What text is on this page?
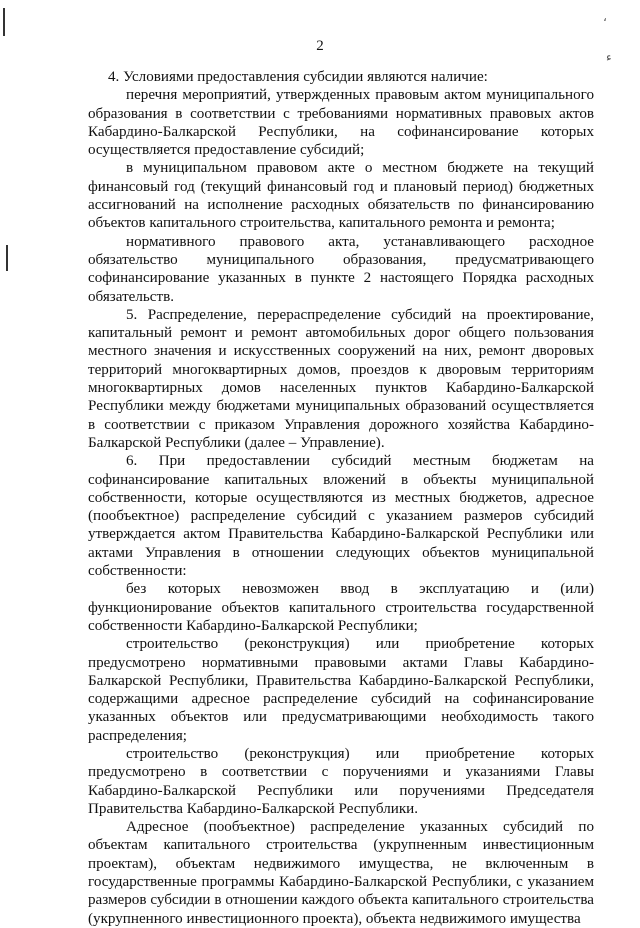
2

4. Условиями предоставления субсидии являются наличие:

перечня мероприятий, утвержденных правовым актом муниципального образования в соответствии с требованиями нормативных правовых актов Кабардино-Балкарской Республики, на софинансирование которых осуществляется предоставление субсидий;

в муниципальном правовом акте о местном бюджете на текущий финансовый год (текущий финансовый год и плановый период) бюджетных ассигнований на исполнение расходных обязательств по финансированию объектов капитального строительства, капитального ремонта и ремонта;

нормативного правового акта, устанавливающего расходное обязательство муниципального образования, предусматривающего софинансирование указанных в пункте 2 настоящего Порядка расходных обязательств.

5. Распределение, перераспределение субсидий на проектирование, капитальный ремонт и ремонт автомобильных дорог общего пользования местного значения и искусственных сооружений на них, ремонт дворовых территорий многоквартирных домов, проездов к дворовым территориям многоквартирных домов населенных пунктов Кабардино-Балкарской Республики между бюджетами муниципальных образований осуществляется в соответствии с приказом Управления дорожного хозяйства Кабардино-Балкарской Республики (далее – Управление).

6. При предоставлении субсидий местным бюджетам на софинансирование капитальных вложений в объекты муниципальной собственности, которые осуществляются из местных бюджетов, адресное (пообъектное) распределение субсидий с указанием размеров субсидий утверждается актом Правительства Кабардино-Балкарской Республики или актами Управления в отношении следующих объектов муниципальной собственности:

без которых невозможен ввод в эксплуатацию и (или) функционирование объектов капитального строительства государственной собственности Кабардино-Балкарской Республики;

строительство (реконструкция) или приобретение которых предусмотрено нормативными правовыми актами Главы Кабардино-Балкарской Республики, Правительства Кабардино-Балкарской Республики, содержащими адресное распределение субсидий на софинансирование указанных объектов или предусматривающими необходимость такого распределения;

строительство (реконструкция) или приобретение которых предусмотрено в соответствии с поручениями и указаниями Главы Кабардино-Балкарской Республики или поручениями Председателя Правительства Кабардино-Балкарской Республики.

Адресное (пообъектное) распределение указанных субсидий по объектам капитального строительства (укрупненным инвестиционным проектам), объектам недвижимого имущества, не включенным в государственные программы Кабардино-Балкарской Республики, с указанием размеров субсидии в отношении каждого объекта капитального строительства (укрупненного инвестиционного проекта), объекта недвижимого имущества

،
ء
